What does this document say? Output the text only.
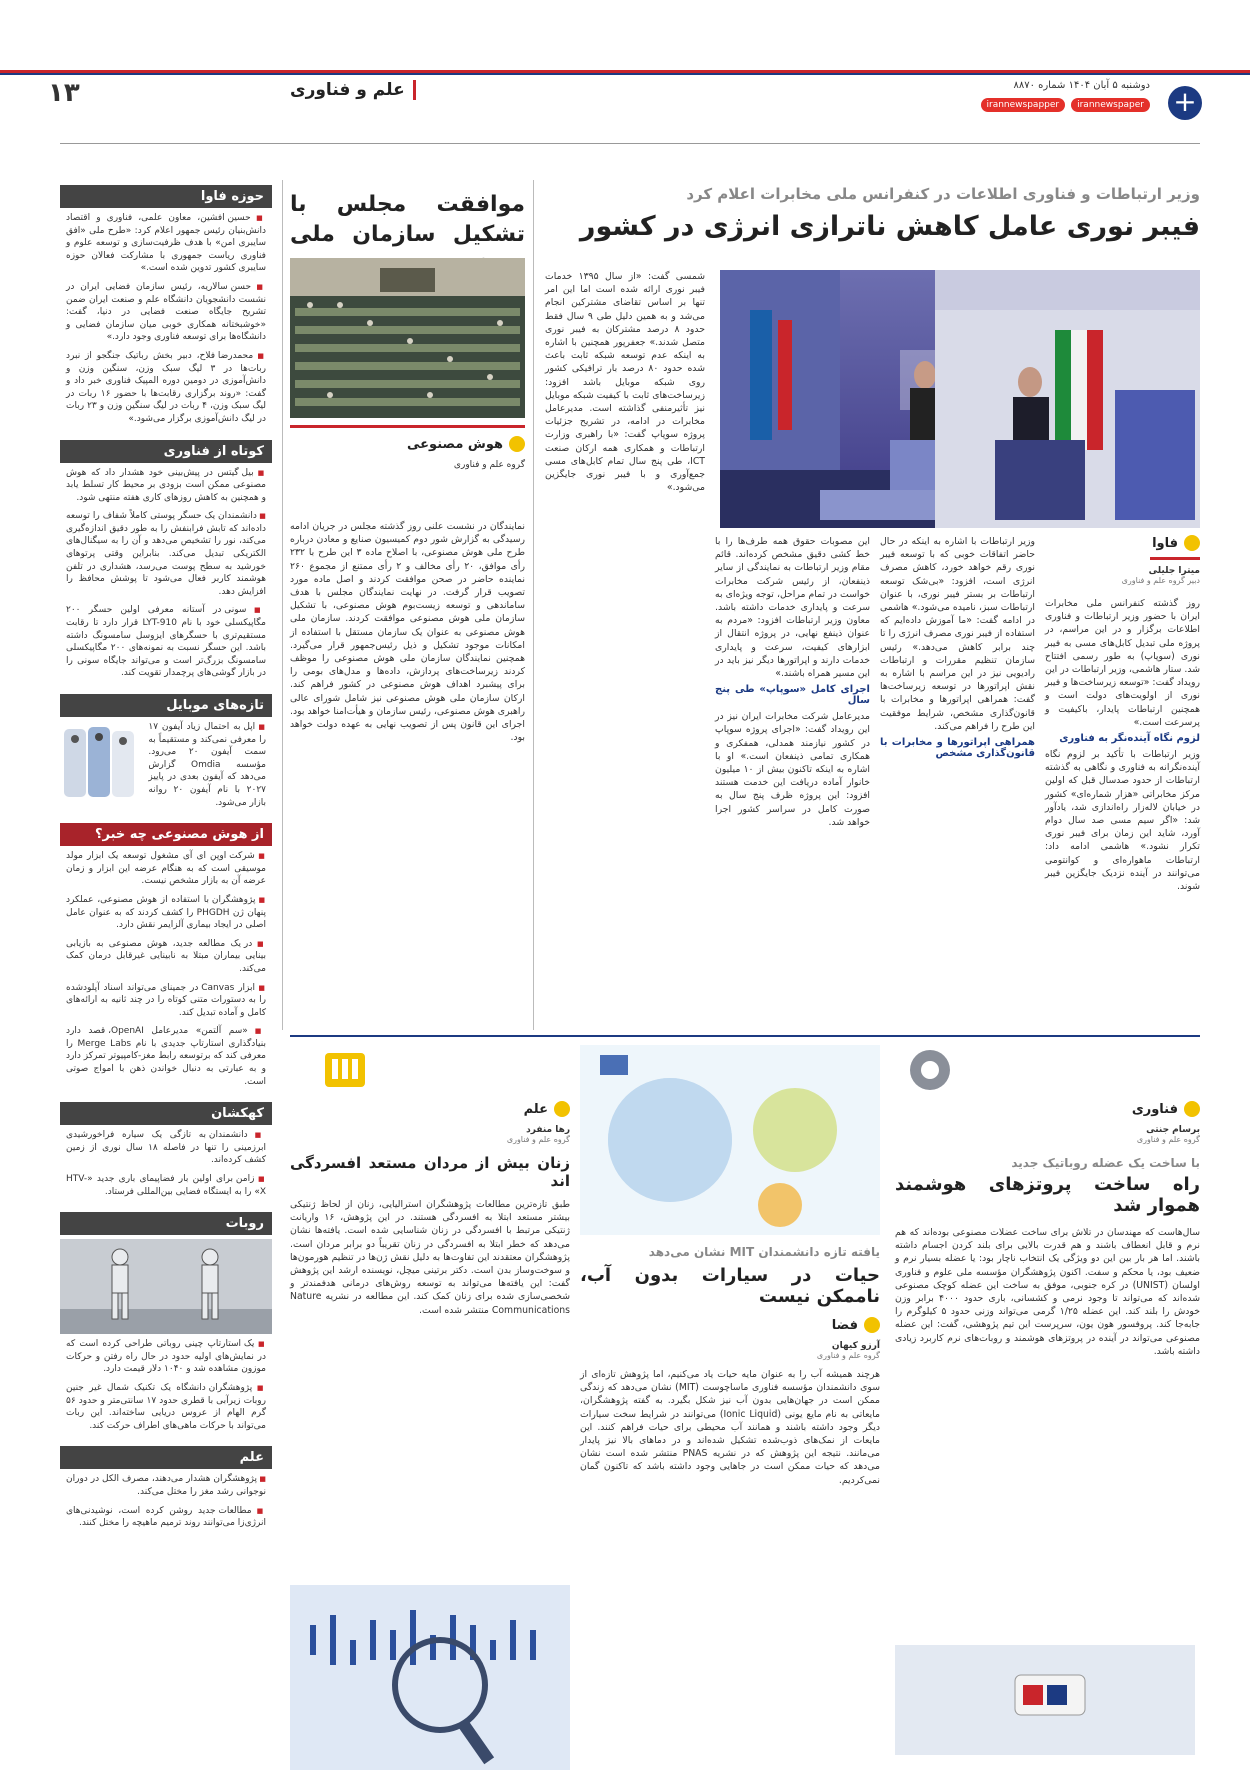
۱۳	علم و فناوری	دوشنبه ۵ آبان ۱۴۰۴ شماره ۸۸۷۰
irannewspaper
irannewspapper	+
وزیر ارتباطات و فناوری اطلاعات در کنفرانس ملی مخابرات اعلام کرد
فیبر نوری عامل کاهش ناترازی انرژی در کشور
فاوا
میترا جلیلی
دبیر گروه علم و فناوری

روز گذشته کنفرانس ملی مخابرات ایران با حضور وزیر ارتباطات و فناوری اطلاعات برگزار و در این مراسم، در پروژه ملی تبدیل کابل‌های مسی به فیبر نوری (سوپاپ) به طور رسمی افتتاح شد. ستار هاشمی، وزیر ارتباطات در این رویداد گفت: «توسعه زیرساخت‌ها و فیبر نوری از اولویت‌های دولت است و همچنین ارتباطات پایدار، باکیفیت و پرسرعت است.»

لزوم نگاه آینده‌نگر به فناوری

وزیر ارتباطات با تأکید بر لزوم نگاه آینده‌نگرانه به فناوری و نگاهی به گذشته ارتباطات از حدود صد‌سال قبل که اولین مرکز مخابراتی «هزار شماره‌ای» کشور در خیابان لاله‌زار راه‌اندازی شد، یادآور شد: «اگر سیم مسی صد سال دوام آورد، شاید این زمان برای فیبر نوری تکرار نشود.» هاشمی ادامه داد: ارتباطات ماهواره‌ای و کوانتومی می‌توانند در آینده نزدیک جایگزین فیبر شوند.

وزیر ارتباطات با اشاره به اینکه در حال حاضر اتفاقات خوبی که با توسعه فیبر نوری رقم خواهد خورد، کاهش مصرف انرژی است، افزود: «بی‌شک توسعه ارتباطات بر بستر فیبر نوری، با عنوان ارتباطات سبز، نامیده می‌شود.» هاشمی در ادامه گفت: «ما آموزش داده‌ایم که استفاده از فیبر نوری مصرف انرژی را تا چند برابر کاهش می‌دهد.» رئیس سازمان تنظیم مقررات و ارتباطات رادیویی نیز در این مراسم با اشاره به نقش اپراتورها در توسعه زیرساخت‌ها گفت: همراهی اپراتورها و مخابرات با قانون‌گذاری مشخص، شرایط موفقیت این طرح را فراهم می‌کند.

همراهی اپراتورها و مخابرات با قانون‌گذاری مشخص

این مصوبات حقوق همه طرف‌ها را با خط کشی دقیق مشخص کرده‌اند. قائم مقام وزیر ارتباطات به نمایندگی از سایر ذینفعان، از رئیس شرکت مخابرات خواست در تمام مراحل، توجه ویژه‌ای به سرعت و پایداری خدمات داشته باشد. معاون وزیر ارتباطات افزود: «مردم به عنوان ذینفع نهایی، در پروژه انتقال از ابزارهای کیفیت، سرعت و پایداری خدمات دارند و اپراتورها دیگر نیز باید در این مسیر همراه باشند.»

اجرای کامل «سوپاپ» طی پنج سال

مدیرعامل شرکت مخابرات ایران نیز در این رویداد گفت: «اجرای پروژه سوپاپ در کشور نیازمند همدلی، همفکری و همکاری تمامی ذینفعان است.» او با اشاره به اینکه تاکنون بیش از ۱۰ میلیون خانوار آماده دریافت این خدمت هستند افزود: این پروژه ظرف پنج سال به صورت کامل در سراسر کشور اجرا خواهد شد.

شمسی گفت: «از سال ۱۳۹۵ خدمات فیبر نوری ارائه شده است اما این امر تنها بر اساس تقاضای مشترکین انجام می‌شد و به همین دلیل طی ۹ سال فقط حدود ۸ درصد مشترکان به فیبر نوری متصل شدند.» جعفرپور همچنین با اشاره به اینکه عدم توسعه شبکه ثابت باعث شده حدود ۸۰ درصد بار ترافیکی کشور روی شبکه موبایل باشد افزود: زیرساخت‌های ثابت با کیفیت شبکه موبایل نیز تأثیرمنفی گذاشته است. مدیرعامل مخابرات در ادامه، در تشریح جزئیات پروژه سوپاپ گفت: «با راهبری وزارت ارتباطات و همکاری همه ارکان صنعت ICT، طی پنج سال تمام کابل‌های مسی جمع‌آوری و با فیبر نوری جایگزین می‌شود.»

موافقت مجلس با تشکیل سازمان ملی
هوش مصنوعی
گروه علم و فناوری

نمایندگان در نشست علنی روز گذشته مجلس در جریان ادامه رسیدگی به گزارش شور دوم کمیسیون صنایع و معادن درباره طرح ملی هوش مصنوعی، با اصلاح ماده ۳ این طرح با ۲۳۲ رأی موافق، ۲۰ رأی مخالف و ۲ رأی ممتنع از مجموع ۲۶۰ نماینده حاضر در صحن موافقت کردند و اصل ماده مورد تصویب قرار گرفت. در نهایت نمایندگان مجلس با هدف ساماندهی و توسعه زیست‌بوم هوش مصنوعی، با تشکیل سازمان ملی هوش مصنوعی موافقت کردند. سازمان ملی هوش مصنوعی به عنوان یک سازمان مستقل با استفاده از امکانات موجود تشکیل و ذیل رئیس‌جمهور قرار می‌گیرد. همچنین نمایندگان سازمان ملی هوش مصنوعی را موظف کردند زیرساخت‌های پردازش، داده‌ها و مدل‌های بومی را برای پیشبرد اهداف هوش مصنوعی در کشور فراهم کند. ارکان سازمان ملی هوش مصنوعی نیز شامل شورای عالی راهبری هوش مصنوعی، رئیس سازمان و هیأت‌امنا خواهد بود. اجرای این قانون پس از تصویب نهایی به عهده دولت خواهد بود.

حوزه فاوا

■ حسین افشین، معاون علمی، فناوری و اقتصاد دانش‌بنیان رئیس جمهور اعلام کرد: «طرح ملی «افق سایبری امن» با هدف ظرفیت‌سازی و توسعه علوم و فناوری ریاست جمهوری با مشارکت فعالان حوزه سایبری کشور تدوین شده است.»

■ حسن سالاریه، رئیس سازمان فضایی ایران در نشست دانشجویان دانشگاه علم و صنعت ایران ضمن تشریح جایگاه صنعت فضایی در دنیا، گفت: «خوشبختانه همکاری خوبی میان سازمان فضایی و دانشگاه‌ها برای توسعه فناوری وجود دارد.»

■ محمدرضا فلاح، دبیر بخش رباتیک جنگجو از نبرد ربات‌ها در ۳ لیگ سبک وزن، سنگین وزن و دانش‌آموزی در دومین دوره المپیک فناوری خبر داد و گفت: «روند برگزاری رقابت‌ها با حضور ۱۶ ربات در لیگ سبک وزن، ۴ ربات در لیگ سنگین وزن و ۲۳ ربات در لیگ دانش‌آموزی برگزار می‌شود.»

کوتاه از فناوری

■ بیل گیتس در پیش‌بینی خود هشدار داد که هوش مصنوعی ممکن است بزودی بر محیط کار تسلط یابد و همچنین به کاهش روزهای کاری هفته منتهی شود.

■ دانشمندان یک حسگر پوستی کاملاً شفاف را توسعه داده‌اند که تابش فرابنفش را به طور دقیق اندازه‌گیری می‌کند، نور را تشخیص می‌دهد و آن را به سیگنال‌های الکتریکی تبدیل می‌کند. بنابراین وقتی پرتوهای خورشید به سطح پوست می‌رسد، هشداری در تلفن هوشمند کاربر فعال می‌شود تا پوشش محافظ را افزایش دهد.

■ سونی در آستانه معرفی اولین حسگر ۲۰۰ مگاپیکسلی خود با نام LYT-910 قرار دارد تا رقابت مستقیم‌تری با حسگرهای ایزوسل سامسونگ داشته باشد. این حسگر نسبت به نمونه‌های ۲۰۰ مگاپیکسلی سامسونگ بزرگ‌تر است و می‌تواند جایگاه سونی را در بازار گوشی‌های پرچمدار تقویت کند.

تازه‌های موبایل

■ اپل به احتمال زیاد آیفون ۱۷ را معرفی نمی‌کند و مستقیماً به سمت آیفون ۲۰ می‌رود. مؤسسه Omdia گزارش می‌دهد که آیفون بعدی در پاییز ۲۰۲۷ با نام آیفون ۲۰ روانه بازار می‌شود.

از هوش مصنوعی چه خبر؟

■ شرکت اوپن ای آی مشغول توسعه یک ابزار مولد موسیقی است که به هنگام عرضه این ابزار و زمان عرضه آن به بازار مشخص نیست.

■ پژوهشگران با استفاده از هوش مصنوعی، عملکرد پنهان ژن PHGDH را کشف کردند که به عنوان عامل اصلی در ایجاد بیماری آلزایمر نقش دارد.

■ در یک مطالعه جدید، هوش مصنوعی به بازیابی بینایی بیماران مبتلا به نابینایی غیرقابل درمان کمک می‌کند.

■ ابزار Canvas در جمینای می‌تواند اسناد آپلودشده را به دستورات متنی کوتاه را در چند ثانیه به ارائه‌های کامل و آماده تبدیل کند.

■ «سم آلتمن» مدیرعامل OpenAI، قصد دارد بنیادگذاری استارتاپ جدیدی با نام Merge Labs را معرفی کند که برتوسعه رابط مغز-کامپیوتر تمرکز دارد و به عبارتی به دنبال خواندن ذهن با امواج صوتی است.

کهکشان

■ دانشمندان به تازگی یک سیاره فراخورشیدی ابرزمینی را تنها در فاصله ۱۸ سال نوری از زمین کشف کرده‌اند.

■ زامن برای اولین بار فضاپیمای باری جدید «HTV-X» را به ایستگاه فضایی بین‌المللی فرستاد.

روبات

■ یک استارتاپ چینی روباتی طراحی کرده است که در نمایش‌های اولیه حدود در حال راه رفتن و حرکات موزون مشاهده شد و ۱۰۴۰ دلار قیمت دارد.

■ پژوهشگران دانشگاه یک تکنیک شمال غیر جنین روبات زیرآبی با قطری حدود ۱۷ سانتی‌متر و حدود ۵۶ گرم الهام از عروس دریایی ساخته‌اند. این ربات می‌تواند با حرکات ماهی‌های اطراف حرکت کند.

علم

■ پژوهشگران هشدار می‌دهند، مصرف الکل در دوران نوجوانی رشد مغز را مختل می‌کند.

■ مطالعات جدید روشن کرده است، نوشیدنی‌های انرژی‌زا می‌توانند روند ترمیم ماهیچه را مختل کنند.

فناوری
برسام جنتی
گروه علم و فناوری
با ساخت یک عضله روباتیک جدید
راه ساخت پروتزهای هوشمند هموار شد

سال‌هاست که مهندسان در تلاش برای ساخت عضلات مصنوعی بوده‌اند که هم نرم و قابل انعطاف باشند و هم قدرت بالایی برای بلند کردن اجسام داشته باشند. اما هر بار بین این دو ویژگی یک انتخاب ناچار بود: یا عضله بسیار نرم و ضعیف بود، یا محکم و سفت. اکنون پژوهشگران مؤسسه ملی علوم و فناوری اولسان (UNIST) در کره جنوبی، موفق به ساخت این عضله کوچک مصنوعی شده‌اند که می‌تواند تا وجود نرمی و کشسانی، باری حدود ۴۰۰۰ برابر وزن خودش را بلند کند. این عضله ۱/۲۵ گرمی می‌تواند وزنی حدود ۵ کیلوگرم را جابه‌جا کند. پروفسور هون یون، سرپرست این تیم پژوهشی، گفت: این عضله مصنوعی می‌تواند در آینده در پروتزهای هوشمند و روبات‌های نرم کاربرد زیادی داشته باشد.

یافته تازه دانشمندان MIT نشان می‌دهد
حیات در سیارات بدون آب، ناممکن نیست
فضا
آرزو کیهان
گروه علم و فناوری

هرچند همیشه آب را به عنوان مایه حیات یاد می‌کنیم، اما پژوهش تازه‌ای از سوی دانشمندان مؤسسه فناوری ماساچوست (MIT) نشان می‌دهد که زندگی ممکن است در جهان‌هایی بدون آب نیز شکل بگیرد. به گفته پژوهشگران، مایعاتی به نام مایع یونی (Ionic Liquid) می‌توانند در شرایط سخت سیارات دیگر وجود داشته باشند و همانند آب محیطی برای حیات فراهم کنند. این مایعات از نمک‌های ذوب‌شده تشکیل شده‌اند و در دماهای بالا نیز پایدار می‌مانند. نتیجه این پژوهش که در نشریه PNAS منتشر شده است نشان می‌دهد که حیات ممکن است در جاهایی وجود داشته باشد که تاکنون گمان نمی‌کردیم.

علم
رها منفرد
گروه علم و فناوری
زنان بیش از مردان مستعد افسردگی اند

طبق تازه‌ترین مطالعات پژوهشگران استرالیایی، زنان از لحاظ ژنتیکی بیشتر مستعد ابتلا به افسردگی هستند. در این پژوهش، ۱۶ واریانت ژنتیکی مرتبط با افسردگی در زنان شناسایی شده است. یافته‌ها نشان می‌دهد که خطر ابتلا به افسردگی در زنان تقریباً دو برابر مردان است. پژوهشگران معتقدند این تفاوت‌ها به دلیل نقش ژن‌ها در تنظیم هورمون‌ها و سوخت‌وساز بدن است. دکتر برتینی میچل، نویسنده ارشد این پژوهش گفت: این یافته‌ها می‌تواند به توسعه روش‌های درمانی هدفمندتر و شخصی‌سازی شده برای زنان کمک کند. این مطالعه در نشریه Nature Communications منتشر شده است.
